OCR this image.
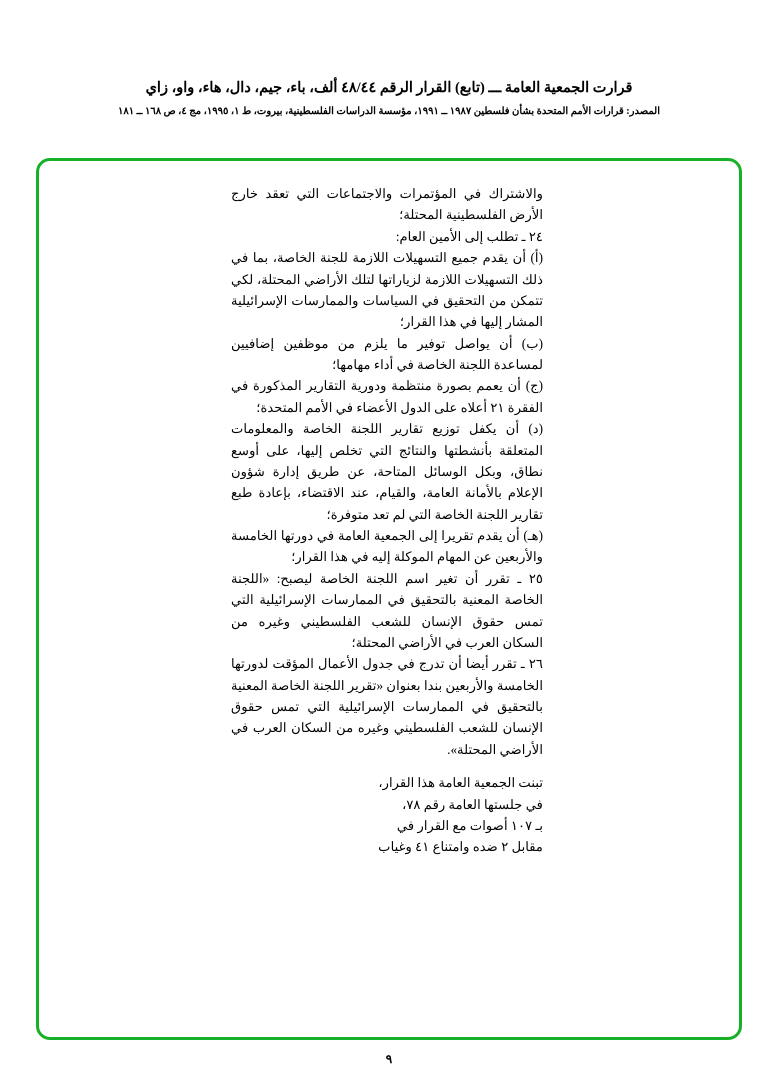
قرارت الجمعية العامة ـــ (تابع) القرار الرقم ٤٨/٤٤ ألف، باء، جيم، دال، هاء، واو، زاي
المصدر: قرارات الأمم المتحدة بشأن فلسطين ١٩٨٧ ــ ١٩٩١، مؤسسة الدراسات الفلسطينية، بيروت، ط ١، ١٩٩٥، مج ٤، ص ١٦٨ ــ ١٨١

والاشتراك في المؤتمرات والاجتماعات التي تعقد خارج الأرض الفلسطينية المحتلة؛

٢٤ ـ تطلب إلى الأمين العام:

(أ) أن يقدم جميع التسهيلات اللازمة للجنة الخاصة، بما في ذلك التسهيلات اللازمة لزياراتها لتلك الأراضي المحتلة، لكي تتمكن من التحقيق في السياسات والممارسات الإسرائيلية المشار إليها في هذا القرار؛

(ب) أن يواصل توفير ما يلزم من موظفين إضافيين لمساعدة اللجنة الخاصة في أداء مهامها؛

(ج) أن يعمم بصورة منتظمة ودورية التقارير المذكورة في الفقرة ٢١ أعلاه على الدول الأعضاء في الأمم المتحدة؛

(د) أن يكفل توزيع تقارير اللجنة الخاصة والمعلومات المتعلقة بأنشطتها والنتائج التي تخلص إليها، على أوسع نطاق، وبكل الوسائل المتاحة، عن طريق إدارة شؤون الإعلام بالأمانة العامة، والقيام، عند الاقتضاء، بإعادة طبع تقارير اللجنة الخاصة التي لم تعد متوفرة؛

(هـ) أن يقدم تقريرا إلى الجمعية العامة في دورتها الخامسة والأربعين عن المهام الموكلة إليه في هذا القرار؛

٢٥ ـ تقرر أن تغير اسم اللجنة الخاصة ليصبح: «اللجنة الخاصة المعنية بالتحقيق في الممارسات الإسرائيلية التي تمس حقوق الإنسان للشعب الفلسطيني وغيره من السكان العرب في الأراضي المحتلة؛

٢٦ ـ تقرر أيضا أن تدرج في جدول الأعمال المؤقت لدورتها الخامسة والأربعين بندا بعنوان «تقرير اللجنة الخاصة المعنية بالتحقيق في الممارسات الإسرائيلية التي تمس حقوق الإنسان للشعب الفلسطيني وغيره من السكان العرب في الأراضي المحتلة».

تبنت الجمعية العامة هذا القرار،

في جلستها العامة رقم ٧٨،

بـ ١٠٧ أصوات مع القرار في

مقابل ٢ ضده وامتناع ٤١ وغياب

٩
